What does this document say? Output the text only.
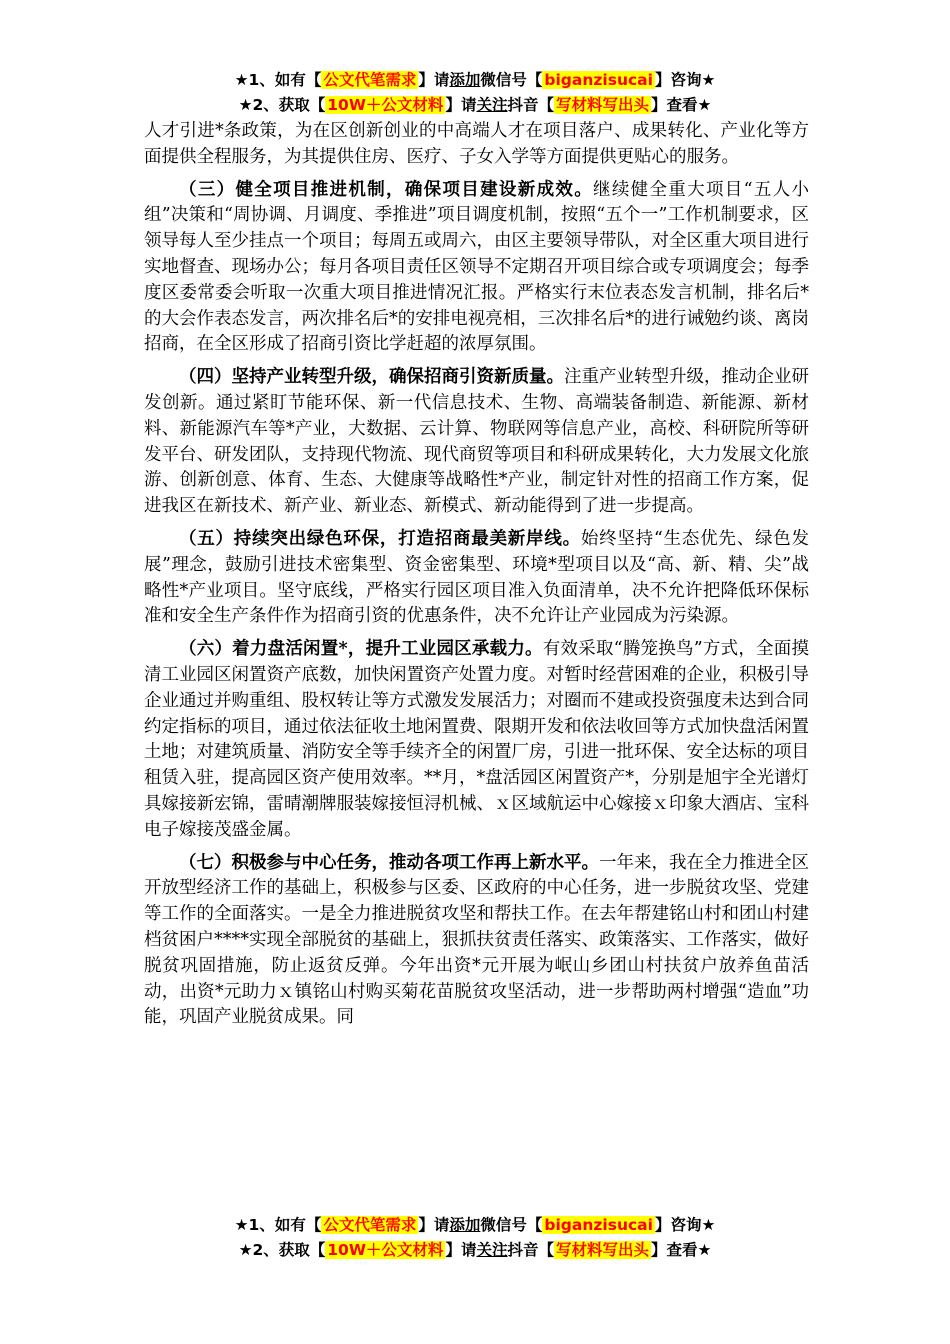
★1、如有【 公文代笔需求 】请添加微信号【 biganzisucai 】咨询★
★2、获取【 10W＋公文材料 】请关注抖音【 写材料写出头 】查看★

人才引进*条政策，为在区创新创业的中高端人才在项目落户、成果转化、产业化等方面提供全程服务，为其提供住房、医疗、子女入学等方面提供更贴心的服务。

（三）健全项目推进机制，确保项目建设新成效。继续健全重大项目“五人小组”决策和“周协调、月调度、季推进”项目调度机制，按照“五个一”工作机制要求，区领导每人至少挂点一个项目；每周五或周六，由区主要领导带队，对全区重大项目进行实地督查、现场办公；每月各项目责任区领导不定期召开项目综合或专项调度会；每季度区委常委会听取一次重大项目推进情况汇报。严格实行末位表态发言机制，排名后*的大会作表态发言，两次排名后*的安排电视亮相，三次排名后*的进行诫勉约谈、离岗招商，在全区形成了招商引资比学赶超的浓厚氛围。

（四）坚持产业转型升级，确保招商引资新质量。注重产业转型升级，推动企业研发创新。通过紧盯节能环保、新一代信息技术、生物、高端装备制造、新能源、新材料、新能源汽车等*产业，大数据、云计算、物联网等信息产业，高校、科研院所等研发平台、研发团队，支持现代物流、现代商贸等项目和科研成果转化，大力发展文化旅游、创新创意、体育、生态、大健康等战略性*产业，制定针对性的招商工作方案，促进我区在新技术、新产业、新业态、新模式、新动能得到了进一步提高。

（五）持续突出绿色环保，打造招商最美新岸线。始终坚持“生态优先、绿色发展”理念，鼓励引进技术密集型、资金密集型、环境*型项目以及“高、新、精、尖”战略性*产业项目。坚守底线，严格实行园区项目准入负面清单，决不允许把降低环保标准和安全生产条件作为招商引资的优惠条件，决不允许让产业园成为污染源。

（六）着力盘活闲置*，提升工业园区承载力。有效采取“腾笼换鸟”方式，全面摸清工业园区闲置资产底数，加快闲置资产处置力度。对暂时经营困难的企业，积极引导企业通过并购重组、股权转让等方式激发发展活力；对圈而不建或投资强度未达到合同约定指标的项目，通过依法征收土地闲置费、限期开发和依法收回等方式加快盘活闲置土地；对建筑质量、消防安全等手续齐全的闲置厂房，引进一批环保、安全达标的项目租赁入驻，提高园区资产使用效率。**月，*盘活园区闲置资产*，分别是旭宇全光谱灯具嫁接新宏锦，雷晴潮牌服装嫁接恒浔机械、ｘ区域航运中心嫁接ｘ印象大酒店、宝科电子嫁接茂盛金属。

（七）积极参与中心任务，推动各项工作再上新水平。一年来，我在全力推进全区开放型经济工作的基础上，积极参与区委、区政府的中心任务，进一步脱贫攻坚、党建等工作的全面落实。一是全力推进脱贫攻坚和帮扶工作。在去年帮建铭山村和团山村建档贫困户****实现全部脱贫的基础上，狠抓扶贫责任落实、政策落实、工作落实，做好脱贫巩固措施，防止返贫反弹。今年出资*元开展为岷山乡团山村扶贫户放养鱼苗活动，出资*元助力ｘ镇铭山村购买菊花苗脱贫攻坚活动，进一步帮助两村增强“造血”功能，巩固产业脱贫成果。同

★1、如有【 公文代笔需求 】请添加微信号【 biganzisucai 】咨询★
★2、获取【 10W＋公文材料 】请关注抖音【 写材料写出头 】查看★
